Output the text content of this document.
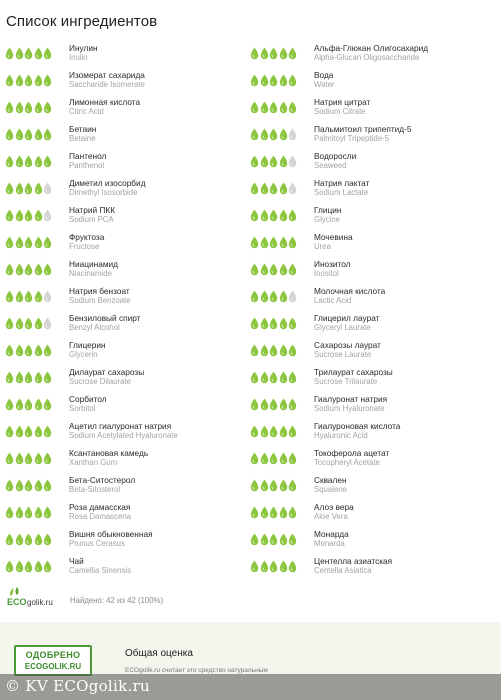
Список ингредиентов
Инулин
Inulin
Изомерат сахарида
Saccharide Isomerate
Лимонная кислота
Citric Acid
Бетаин
Betaine
Пантенол
Panthenol
Диметил изосорбид
Dimethyl Isosorbide
Натрий ПКК
Sodium PCA
Фруктоза
Fructose
Ниацинамид
Niacinamide
Натрия бензоат
Sodium Benzoate
Бензиловый спирт
Benzyl Alcohol
Глицерин
Glycerin
Дилаурат сахарозы
Sucrose Dilaurate
Сорбитол
Sorbitol
Ацетил гиалуронат натрия
Sodium Acetylated Hyaluronate
Ксантановая камедь
Xanthan Gum
Бета-Ситостерол
Beta-Sitosterol
Роза дамасская
Rosa Damascena
Вишня обыкновенная
Prunus Cerasus
Чай
Camellia Sinensis
Альфа-Глюкан Олигосахарид
Alpha-Glucan Oligosaccharide
Вода
Water
Натрия цитрат
Sodium Citrate
Пальмитоил трипептид-5
Palmitoyl Tripeptide-5
Водоросли
Seaweed
Натрия лактат
Sodium Lactate
Глицин
Glycine
Мочевина
Urea
Инозитол
Inositol
Молочная кислота
Lactic Acid
Глицерил лаурат
Glyceryl Laurate
Сахарозы лаурат
Sucrose Laurate
Трилаурат сахарозы
Sucrose Trilaurate
Гиалуронат натрия
Sodium Hyaluronate
Гиалуроновая кислота
Hyaluronic Acid
Токоферола ацетат
Tocopheryl Acetate
Сквален
Squalene
Алоэ вера
Aloe Vera
Монарда
Monarda
Центелла азиатская
Centella Asiatica
ECO golik.ru Найдено: 42 из 42 (100%)
ОДОБРЕНО
ECOGOLIK.RU
Общая оценка
ECOgolik.ru считает это средство натуральным
© KV ECOgolik.ru
